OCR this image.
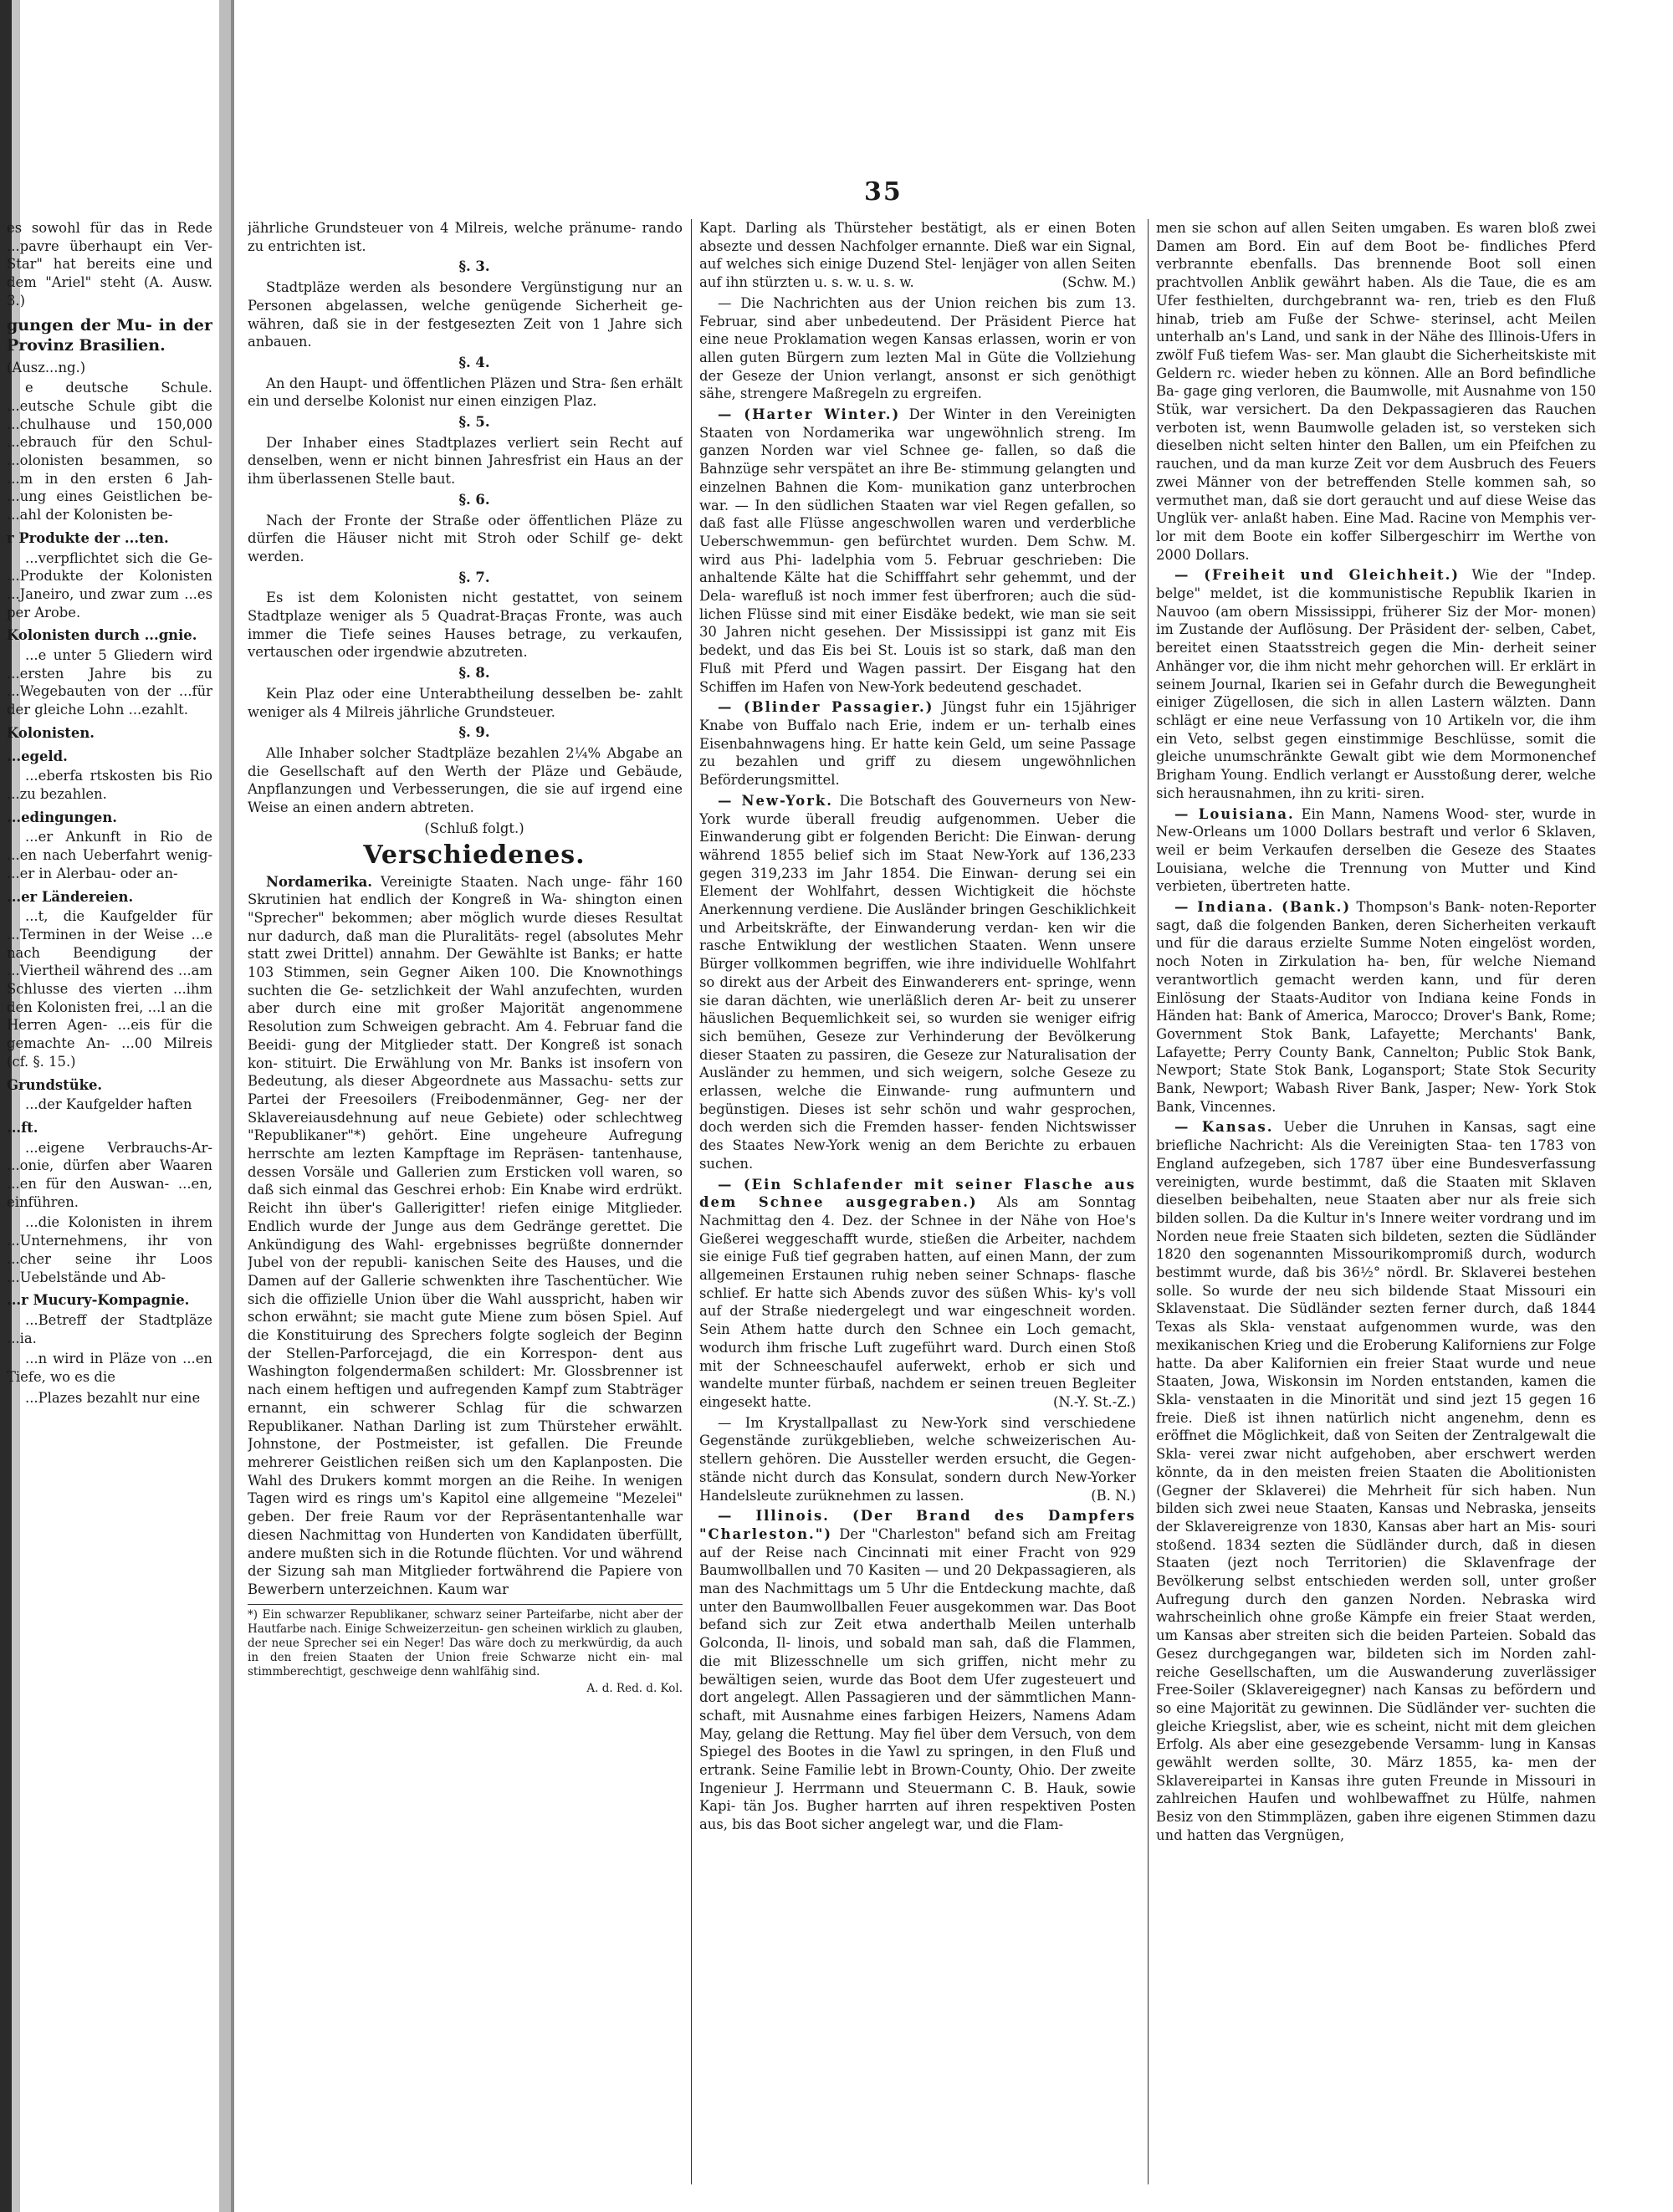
35

es sowohl für das in Rede ...pavre überhaupt ein Ver- Star" hat bereits eine und dem "Ariel" steht (A. Ausw. 3.)

gungen der Mu- in der Provinz Brasilien.

(Ausz...ng.)

e deutsche Schule. ...eutsche Schule gibt die ...chulhause und 150,000 ...ebrauch für den Schul- ...olonisten besammen, so ...m in den ersten 6 Jah- ...ung eines Geistlichen be- ...ahl der Kolonisten be-

r Produkte der ...ten.

...verpflichtet sich die Ge- ...Produkte der Kolonisten ...Janeiro, und zwar zum ...es per Arobe.

Kolonisten durch ...gnie.

...e unter 5 Gliedern wird ...ersten Jahre bis zu ...Wegebauten von der ...für der gleiche Lohn ...ezahlt.

Kolonisten.

...egeld.

...eberfa rtskosten bis Rio ...zu bezahlen.

...edingungen.

...er Ankunft in Rio de ...en nach Ueberfahrt wenig- ...er in Alerbau- oder an-

...er Ländereien.

...t, die Kaufgelder für ...Terminen in der Weise ...e nach Beendigung der ...Viertheil während des ...am Schlusse des vierten ...ihm den Kolonisten frei, ...l an die Herren Agen- ...eis für die gemachte An- ...00 Milreis (cf. §. 15.)

Grundstüke.

...der Kaufgelder haften

...ft.

...eigene Verbrauchs-Ar- ...onie, dürfen aber Waaren ...en für den Auswan- ...en, einführen.

...die Kolonisten in ihrem ...Unternehmens, ihr von ...cher seine ihr Loos ...Uebelstände und Ab-

...r Mucury-Kompagnie.

...Betreff der Stadtpläze ...ia.

...n wird in Pläze von ...en Tiefe, wo es die

...Plazes bezahlt nur eine

jährliche Grundsteuer von 4 Milreis, welche pränume- rando zu entrichten ist.

§. 3.

Stadtpläze werden als besondere Vergünstigung nur an Personen abgelassen, welche genügende Sicherheit ge- währen, daß sie in der festgesezten Zeit von 1 Jahre sich anbauen.

§. 4.

An den Haupt- und öffentlichen Pläzen und Stra- ßen erhält ein und derselbe Kolonist nur einen einzigen Plaz.

§. 5.

Der Inhaber eines Stadtplazes verliert sein Recht auf denselben, wenn er nicht binnen Jahresfrist ein Haus an der ihm überlassenen Stelle baut.

§. 6.

Nach der Fronte der Straße oder öffentlichen Pläze zu dürfen die Häuser nicht mit Stroh oder Schilf ge- dekt werden.

§. 7.

Es ist dem Kolonisten nicht gestattet, von seinem Stadtplaze weniger als 5 Quadrat-Braças Fronte, was auch immer die Tiefe seines Hauses betrage, zu verkaufen, vertauschen oder irgendwie abzutreten.

§. 8.

Kein Plaz oder eine Unterabtheilung desselben be- zahlt weniger als 4 Milreis jährliche Grundsteuer.

§. 9.

Alle Inhaber solcher Stadtpläze bezahlen 2¼% Abgabe an die Gesellschaft auf den Werth der Pläze und Gebäude, Anpflanzungen und Verbesserungen, die sie auf irgend eine Weise an einen andern abtreten.

(Schluß folgt.)

Verschiedenes.

Nordamerika. Vereinigte Staaten. Nach unge- fähr 160 Skrutinien hat endlich der Kongreß in Wa- shington einen "Sprecher" bekommen; aber möglich wurde dieses Resultat nur dadurch, daß man die Pluralitäts- regel (absolutes Mehr statt zwei Drittel) annahm. Der Gewählte ist Banks; er hatte 103 Stimmen, sein Gegner Aiken 100. Die Knownothings suchten die Ge- setzlichkeit der Wahl anzufechten, wurden aber durch eine mit großer Majorität angenommene Resolution zum Schweigen gebracht. Am 4. Februar fand die Beeidi- gung der Mitglieder statt. Der Kongreß ist sonach kon- stituirt. Die Erwählung von Mr. Banks ist insofern von Bedeutung, als dieser Abgeordnete aus Massachu- setts zur Partei der Freesoilers (Freibodenmänner, Geg- ner der Sklavereiausdehnung auf neue Gebiete) oder schlechtweg "Republikaner"*) gehört. Eine ungeheure Aufregung herrschte am lezten Kampftage im Repräsen- tantenhause, dessen Vorsäle und Gallerien zum Ersticken voll waren, so daß sich einmal das Geschrei erhob: Ein Knabe wird erdrükt. Reicht ihn über's Gallerigitter! riefen einige Mitglieder. Endlich wurde der Junge aus dem Gedränge gerettet. Die Ankündigung des Wahl- ergebnisses begrüßte donnernder Jubel von der republi- kanischen Seite des Hauses, und die Damen auf der Gallerie schwenkten ihre Taschentücher. Wie sich die offizielle Union über die Wahl ausspricht, haben wir schon erwähnt; sie macht gute Miene zum bösen Spiel. Auf die Konstituirung des Sprechers folgte sogleich der Beginn der Stellen-Parforcejagd, die ein Korrespon- dent aus Washington folgendermaßen schildert: Mr. Glossbrenner ist nach einem heftigen und aufregenden Kampf zum Stabträger ernannt, ein schwerer Schlag für die schwarzen Republikaner. Nathan Darling ist zum Thürsteher erwählt. Johnstone, der Postmeister, ist gefallen. Die Freunde mehrerer Geistlichen reißen sich um den Kaplanposten. Die Wahl des Drukers kommt morgen an die Reihe. In wenigen Tagen wird es rings um's Kapitol eine allgemeine "Mezelei" geben. Der freie Raum vor der Repräsentantenhalle war diesen Nachmittag von Hunderten von Kandidaten überfüllt, andere mußten sich in die Rotunde flüchten. Vor und während der Sizung sah man Mitglieder fortwährend die Papiere von Bewerbern unterzeichnen. Kaum war

*) Ein schwarzer Republikaner, schwarz seiner Parteifarbe, nicht aber der Hautfarbe nach. Einige Schweizerzeitun- gen scheinen wirklich zu glauben, der neue Sprecher sei ein Neger! Das wäre doch zu merkwürdig, da auch in den freien Staaten der Union freie Schwarze nicht ein- mal stimmberechtigt, geschweige denn wahlfähig sind.

A. d. Red. d. Kol.

Kapt. Darling als Thürsteher bestätigt, als er einen Boten absezte und dessen Nachfolger ernannte. Dieß war ein Signal, auf welches sich einige Duzend Stel- lenjäger von allen Seiten auf ihn stürzten u. s. w. u. s. w.	(Schw. M.)

— Die Nachrichten aus der Union reichen bis zum 13. Februar, sind aber unbedeutend. Der Präsident Pierce hat eine neue Proklamation wegen Kansas erlassen, worin er von allen guten Bürgern zum lezten Mal in Güte die Vollziehung der Geseze der Union verlangt, ansonst er sich genöthigt sähe, strengere Maßregeln zu ergreifen.

— (Harter Winter.) Der Winter in den Vereinigten Staaten von Nordamerika war ungewöhnlich streng. Im ganzen Norden war viel Schnee ge- fallen, so daß die Bahnzüge sehr verspätet an ihre Be- stimmung gelangten und einzelnen Bahnen die Kom- munikation ganz unterbrochen war. — In den südlichen Staaten war viel Regen gefallen, so daß fast alle Flüsse angeschwollen waren und verderbliche Ueberschwemmun- gen befürchtet wurden. Dem Schw. M. wird aus Phi- ladelphia vom 5. Februar geschrieben: Die anhaltende Kälte hat die Schifffahrt sehr gehemmt, und der Dela- warefluß ist noch immer fest überfroren; auch die süd- lichen Flüsse sind mit einer Eisdäke bedekt, wie man sie seit 30 Jahren nicht gesehen. Der Mississippi ist ganz mit Eis bedekt, und das Eis bei St. Louis ist so stark, daß man den Fluß mit Pferd und Wagen passirt. Der Eisgang hat den Schiffen im Hafen von New-York bedeutend geschadet.

— (Blinder Passagier.) Jüngst fuhr ein 15jähriger Knabe von Buffalo nach Erie, indem er un- terhalb eines Eisenbahnwagens hing. Er hatte kein Geld, um seine Passage zu bezahlen und griff zu diesem ungewöhnlichen Beförderungsmittel.

— New-York. Die Botschaft des Gouverneurs von New-York wurde überall freudig aufgenommen. Ueber die Einwanderung gibt er folgenden Bericht: Die Einwan- derung während 1855 belief sich im Staat New-York auf 136,233 gegen 319,233 im Jahr 1854. Die Einwan- derung sei ein Element der Wohlfahrt, dessen Wichtigkeit die höchste Anerkennung verdiene. Die Ausländer bringen Geschiklichkeit und Arbeitskräfte, der Einwanderung verdan- ken wir die rasche Entwiklung der westlichen Staaten. Wenn unsere Bürger vollkommen begriffen, wie ihre individuelle Wohlfahrt so direkt aus der Arbeit des Einwanderers ent- springe, wenn sie daran dächten, wie unerläßlich deren Ar- beit zu unserer häuslichen Bequemlichkeit sei, so wurden sie weniger eifrig sich bemühen, Geseze zur Verhinderung der Bevölkerung dieser Staaten zu passiren, die Geseze zur Naturalisation der Ausländer zu hemmen, und sich weigern, solche Geseze zu erlassen, welche die Einwande- rung aufmuntern und begünstigen. Dieses ist sehr schön und wahr gesprochen, doch werden sich die Fremden hasser- fenden Nichtswisser des Staates New-York wenig an dem Berichte zu erbauen suchen.

— (Ein Schlafender mit seiner Flasche aus dem Schnee ausgegraben.) Als am Sonntag Nachmittag den 4. Dez. der Schnee in der Nähe von Hoe's Gießerei weggeschafft wurde, stießen die Arbeiter, nachdem sie einige Fuß tief gegraben hatten, auf einen Mann, der zum allgemeinen Erstaunen ruhig neben seiner Schnaps- flasche schlief. Er hatte sich Abends zuvor des süßen Whis- ky's voll auf der Straße niedergelegt und war eingeschneit worden. Sein Athem hatte durch den Schnee ein Loch gemacht, wodurch ihm frische Luft zugeführt ward. Durch einen Stoß mit der Schneeschaufel auferwekt, erhob er sich und wandelte munter fürbaß, nachdem er seinen treuen Begleiter eingesekt hatte.	(N.-Y. St.-Z.)

— Im Krystallpallast zu New-York sind verschiedene Gegenstände zurükgeblieben, welche schweizerischen Au- stellern gehören. Die Aussteller werden ersucht, die Gegen- stände nicht durch das Konsulat, sondern durch New-Yorker Handelsleute zurüknehmen zu lassen.	(B. N.)

— Illinois. (Der Brand des Dampfers "Charleston.") Der "Charleston" befand sich am Freitag auf der Reise nach Cincinnati mit einer Fracht von 929 Baumwollballen und 70 Kasiten — und 20 Dekpassagieren, als man des Nachmittags um 5 Uhr die Entdeckung machte, daß unter den Baumwollballen Feuer ausgekommen war. Das Boot befand sich zur Zeit etwa anderthalb Meilen unterhalb Golconda, Il- linois, und sobald man sah, daß die Flammen, die mit Blizesschnelle um sich griffen, nicht mehr zu bewältigen seien, wurde das Boot dem Ufer zugesteuert und dort angelegt. Allen Passagieren und der sämmtlichen Mann- schaft, mit Ausnahme eines farbigen Heizers, Namens Adam May, gelang die Rettung. May fiel über dem Versuch, von dem Spiegel des Bootes in die Yawl zu springen, in den Fluß und ertrank. Seine Familie lebt in Brown-County, Ohio. Der zweite Ingenieur J. Herrmann und Steuermann C. B. Hauk, sowie Kapi- tän Jos. Bugher harrten auf ihren respektiven Posten aus, bis das Boot sicher angelegt war, und die Flam-

men sie schon auf allen Seiten umgaben. Es waren bloß zwei Damen am Bord. Ein auf dem Boot be- findliches Pferd verbrannte ebenfalls. Das brennende Boot soll einen prachtvollen Anblik gewährt haben. Als die Taue, die es am Ufer festhielten, durchgebrannt wa- ren, trieb es den Fluß hinab, trieb am Fuße der Schwe- sterinsel, acht Meilen unterhalb an's Land, und sank in der Nähe des Illinois-Ufers in zwölf Fuß tiefem Was- ser. Man glaubt die Sicherheitskiste mit Geldern rc. wieder heben zu können. Alle an Bord befindliche Ba- gage ging verloren, die Baumwolle, mit Ausnahme von 150 Stük, war versichert. Da den Dekpassagieren das Rauchen verboten ist, wenn Baumwolle geladen ist, so versteken sich dieselben nicht selten hinter den Ballen, um ein Pfeifchen zu rauchen, und da man kurze Zeit vor dem Ausbruch des Feuers zwei Männer von der betreffenden Stelle kommen sah, so vermuthet man, daß sie dort geraucht und auf diese Weise das Unglük ver- anlaßt haben. Eine Mad. Racine von Memphis ver- lor mit dem Boote ein koffer Silbergeschirr im Werthe von 2000 Dollars.

— (Freiheit und Gleichheit.) Wie der "Indep. belge" meldet, ist die kommunistische Republik Ikarien in Nauvoo (am obern Mississippi, früherer Siz der Mor- monen) im Zustande der Auflösung. Der Präsident der- selben, Cabet, bereitet einen Staatsstreich gegen die Min- derheit seiner Anhänger vor, die ihm nicht mehr gehorchen will. Er erklärt in seinem Journal, Ikarien sei in Gefahr durch die Bewegungheit einiger Zügellosen, die sich in allen Lastern wälzten. Dann schlägt er eine neue Verfassung von 10 Artikeln vor, die ihm ein Veto, selbst gegen einstimmige Beschlüsse, somit die gleiche unumschränkte Gewalt gibt wie dem Mormonenchef Brigham Young. Endlich verlangt er Ausstoßung derer, welche sich herausnahmen, ihn zu kriti- siren.

— Louisiana. Ein Mann, Namens Wood- ster, wurde in New-Orleans um 1000 Dollars bestraft und verlor 6 Sklaven, weil er beim Verkaufen derselben die Geseze des Staates Louisiana, welche die Trennung von Mutter und Kind verbieten, übertreten hatte.

— Indiana. (Bank.) Thompson's Bank- noten-Reporter sagt, daß die folgenden Banken, deren Sicherheiten verkauft und für die daraus erzielte Summe Noten eingelöst worden, noch Noten in Zirkulation ha- ben, für welche Niemand verantwortlich gemacht werden kann, und für deren Einlösung der Staats-Auditor von Indiana keine Fonds in Händen hat: Bank of America, Marocco; Drover's Bank, Rome; Government Stok Bank, Lafayette; Merchants' Bank, Lafayette; Perry County Bank, Cannelton; Public Stok Bank, Newport; State Stok Bank, Logansport; State Stok Security Bank, Newport; Wabash River Bank, Jasper; New- York Stok Bank, Vincennes.

— Kansas. Ueber die Unruhen in Kansas, sagt eine briefliche Nachricht: Als die Vereinigten Staa- ten 1783 von England aufzegeben, sich 1787 über eine Bundesverfassung vereinigten, wurde bestimmt, daß die Staaten mit Sklaven dieselben beibehalten, neue Staaten aber nur als freie sich bilden sollen. Da die Kultur in's Innere weiter vordrang und im Norden neue freie Staaten sich bildeten, sezten die Südländer 1820 den sogenannten Missourikompromiß durch, wodurch bestimmt wurde, daß bis 36½° nördl. Br. Sklaverei bestehen solle. So wurde der neu sich bildende Staat Missouri ein Sklavenstaat. Die Südländer sezten ferner durch, daß 1844 Texas als Skla- venstaat aufgenommen wurde, was den mexikanischen Krieg und die Eroberung Kaliforniens zur Folge hatte. Da aber Kalifornien ein freier Staat wurde und neue Staaten, Jowa, Wiskonsin im Norden entstanden, kamen die Skla- venstaaten in die Minorität und sind jezt 15 gegen 16 freie. Dieß ist ihnen natürlich nicht angenehm, denn es eröffnet die Möglichkeit, daß von Seiten der Zentralgewalt die Skla- verei zwar nicht aufgehoben, aber erschwert werden könnte, da in den meisten freien Staaten die Abolitionisten (Gegner der Sklaverei) die Mehrheit für sich haben. Nun bilden sich zwei neue Staaten, Kansas und Nebraska, jenseits der Sklavereigrenze von 1830, Kansas aber hart an Mis- souri stoßend. 1834 sezten die Südländer durch, daß in diesen Staaten (jezt noch Territorien) die Sklavenfrage der Bevölkerung selbst entschieden werden soll, unter großer Aufregung durch den ganzen Norden. Nebraska wird wahrscheinlich ohne große Kämpfe ein freier Staat werden, um Kansas aber streiten sich die beiden Parteien. Sobald das Gesez durchgegangen war, bildeten sich im Norden zahl- reiche Gesellschaften, um die Auswanderung zuverlässiger Free-Soiler (Sklavereigegner) nach Kansas zu befördern und so eine Majorität zu gewinnen. Die Südländer ver- suchten die gleiche Kriegslist, aber, wie es scheint, nicht mit dem gleichen Erfolg. Als aber eine gesezgebende Versamm- lung in Kansas gewählt werden sollte, 30. März 1855, ka- men der Sklavereipartei in Kansas ihre guten Freunde in Missouri in zahlreichen Haufen und wohlbewaffnet zu Hülfe, nahmen Besiz von den Stimmpläzen, gaben ihre eigenen Stimmen dazu und hatten das Vergnügen,
